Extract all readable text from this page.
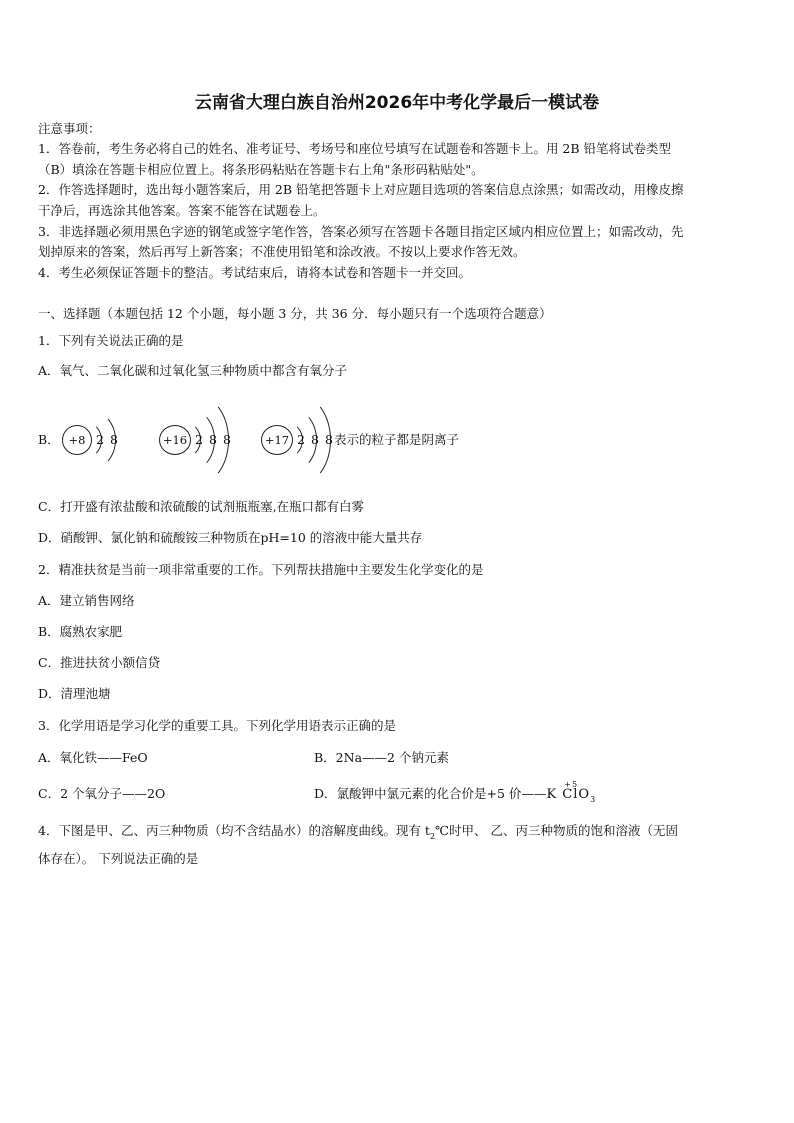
云南省大理白族自治州2026年中考化学最后一模试卷
注意事项：
1．答卷前，考生务必将自己的姓名、准考证号、考场号和座位号填写在试题卷和答题卡上。用 2B 铅笔将试卷类型
（B）填涂在答题卡相应位置上。将条形码粘贴在答题卡右上角"条形码粘贴处"。
2．作答选择题时，选出每小题答案后，用 2B 铅笔把答题卡上对应题目选项的答案信息点涂黑；如需改动，用橡皮擦
干净后，再选涂其他答案。答案不能答在试题卷上。
3．非选择题必须用黑色字迹的钢笔或签字笔作答，答案必须写在答题卡各题目指定区域内相应位置上；如需改动，先
划掉原来的答案，然后再写上新答案；不准使用铅笔和涂改液。不按以上要求作答无效。
4．考生必须保证答题卡的整洁。考试结束后，请将本试卷和答题卡一并交回。
一、选择题（本题包括 12 个小题，每小题 3 分，共 36 分．每小题只有一个选项符合题意）
1．下列有关说法正确的是
A．氧气、二氧化碳和过氧化氢三种物质中都含有氧分子
B． +8 2 8	+16 2 8 8	+17 2 8 8 表示的粒子都是阴离子
C．打开盛有浓盐酸和浓硫酸的试剂瓶瓶塞,在瓶口都有白雾
D．硝酸钾、氯化钠和硫酸铵三种物质在pH=10 的溶液中能大量共存
2．精准扶贫是当前一项非常重要的工作。下列帮扶措施中主要发生化学变化的是
A．建立销售网络
B．腐熟农家肥
C．推进扶贫小额信贷
D．清理池塘
3．化学用语是学习化学的重要工具。下列化学用语表示正确的是
A．氧化铁——FeO	B．2Na——2 个钠元素
C．2 个氧分子——2O	D．氯酸钾中氯元素的化合价是+5 价——K
+5
ClO$_3$
4．下图是甲、乙、丙三种物质（均不含结晶水）的溶解度曲线。现有 $t_2℃$时甲、 乙、丙三种物质的饱和溶液（无固
体存在）。 下列说法正确的是
